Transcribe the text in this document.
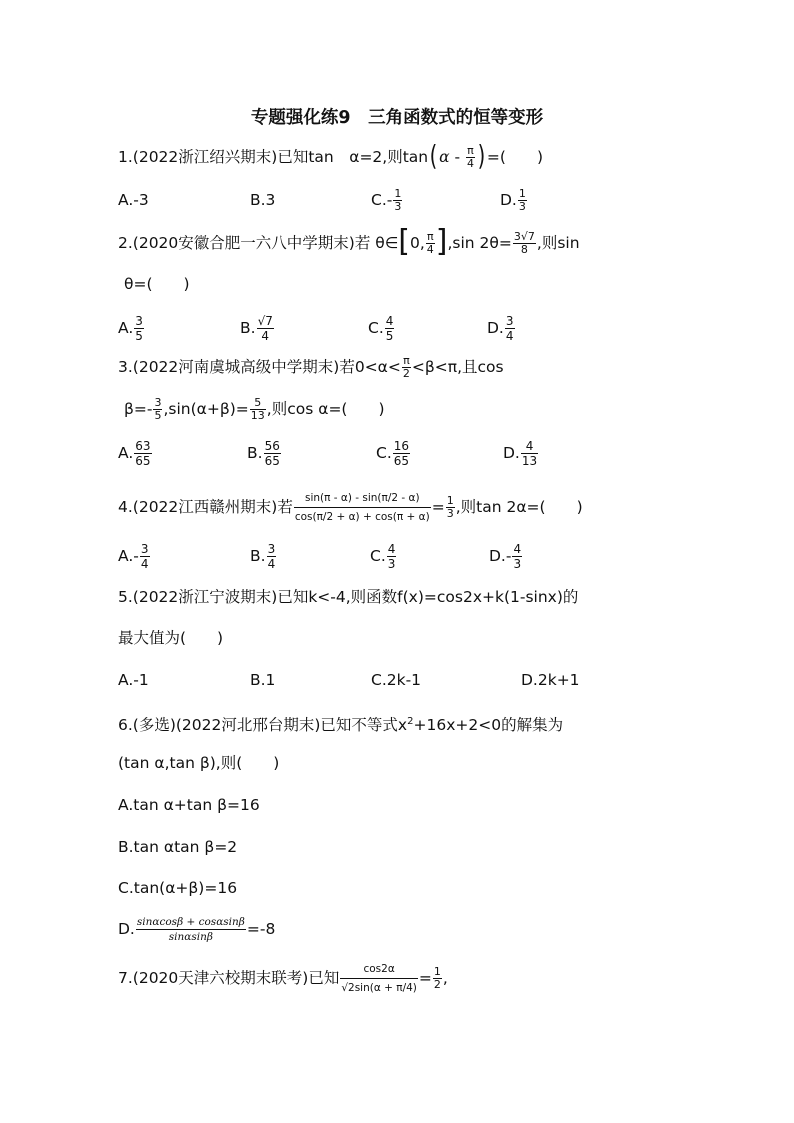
专题强化练9　三角函数式的恒等变形
1.(2022浙江绍兴期末)已知tan　α=2,则tan( α - $\frac{\pi}{4}$ ) =(　　)
A.-3	B.3	$C.- \frac{1}{3}$	D. $\frac{1}{3}$
2.(2020安徽合肥一六八中学期末)若 θ∈[0, $\frac{\pi}{4} ],\sin$ $2\theta= \frac{3√7}{8}$ ,则sin
θ=(　　)
A. $\frac{3}{5}$	B. $\frac{√7}{4}$	C. $\frac{4}{5}$	D. $\frac{3}{4}$
3.(2022河南虞城高级中学期末)若$0<\alpha< \frac{\pi}{2} <\beta<\pi$,且cos
$\beta=- \frac{3}{5} ,\sin(\alpha+\beta)= \frac{5}{13}$ ,则cos α=(　　)
A. $\frac{63}{65}$	B. $\frac{56}{65}$	C. $\frac{16}{65}$	D. $\frac{4}{13}$
4.(2022江西赣州期末)若 $\frac{\sin(\pi - \alpha) - \sin(\pi/2 - \alpha)}{\cos(\pi/2 + \alpha) + \cos(\pi + \alpha)} = \frac{1}{3}$ ,则tan 2α=(　　)
$A.- \frac{3}{4}$	B. $\frac{3}{4}$	C. $\frac{4}{3}$	$D.- \frac{4}{3}$
5.(2022浙江宁波期末)已知k<-4,则函数f(x)=cos2x+k(1-sinx)的
最大值为(　　)
A.-1	B.1	C.2k-1	D.2k+1
6.(多选)(2022河北邢台期末)已知不等式$x^2+16x+2<0$的解集为
(tan α,tan β),则(　　)
A.tan α+tan β=16
B.tan αtan β=2
C.tan(α+β)=16
D. $\frac{\sin\alpha\cos\beta + \cos\alpha\sin\beta}{\sin\alpha\sin\beta} =-8$
7.(2020天津六校期末联考)已知 $\frac{\cos 2\alpha}{√2\sin(\alpha + \pi/4)} = \frac{1}{2}$ ,
